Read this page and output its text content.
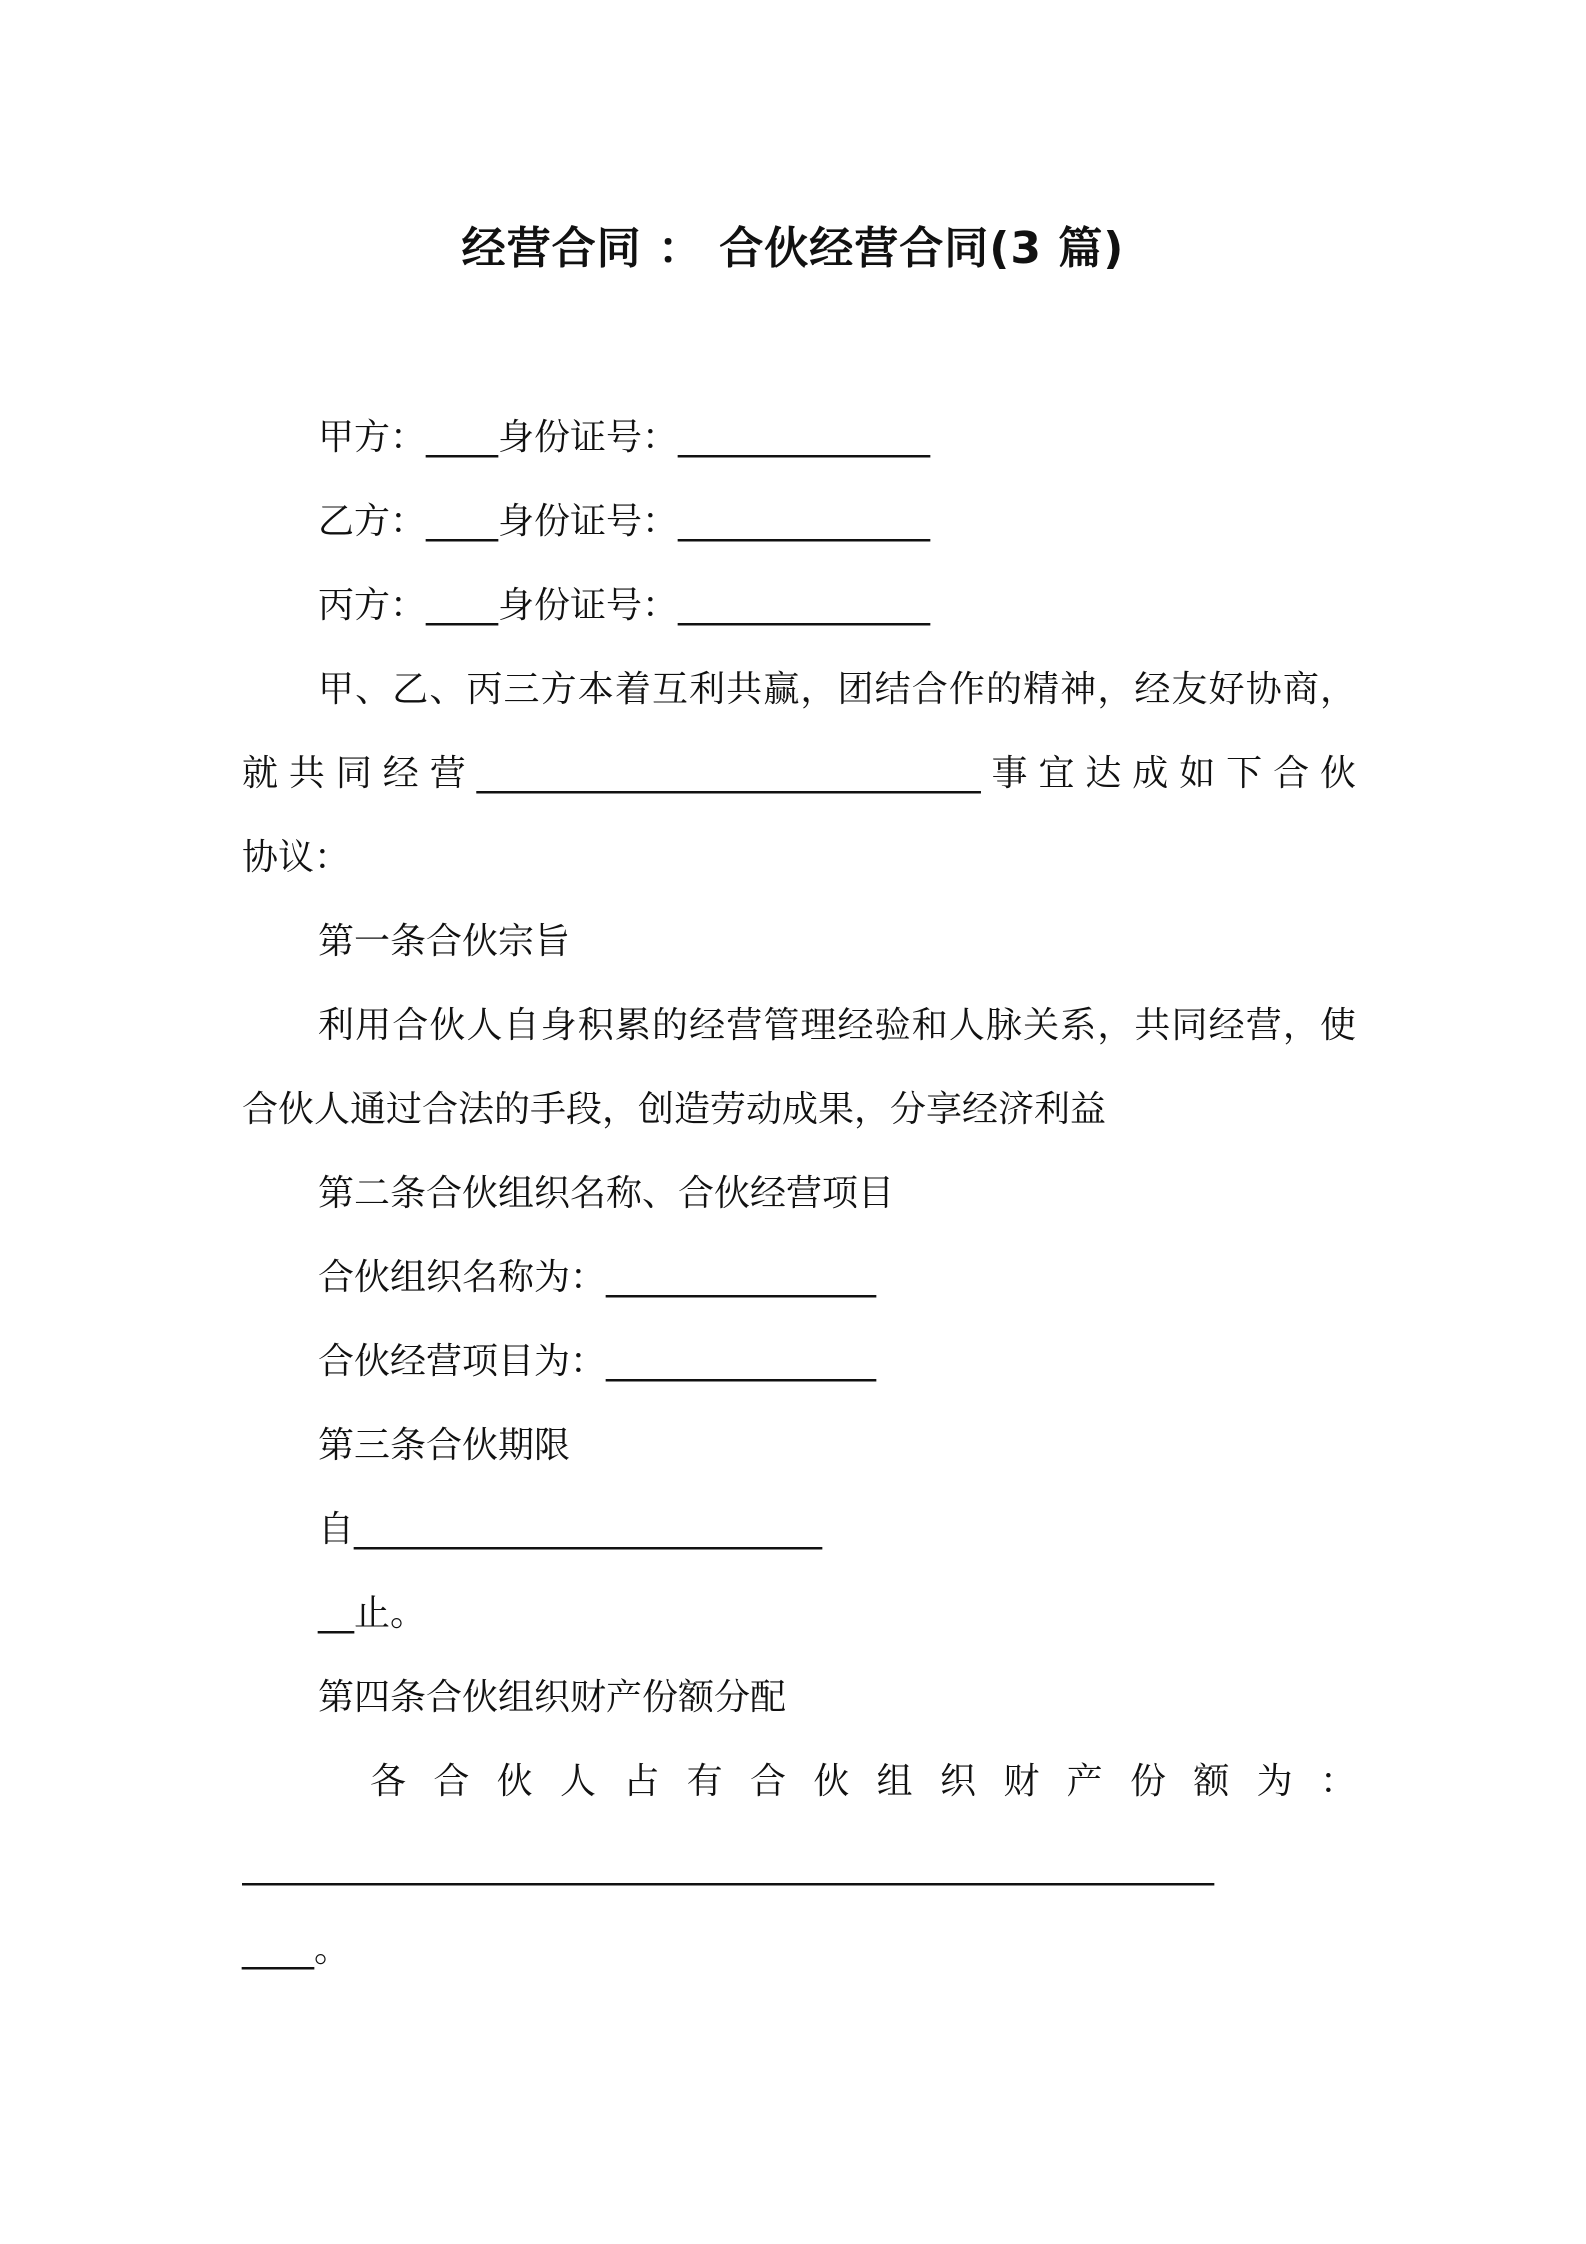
经营合同 ： 合伙经营合同(3 篇)
甲方：____身份证号：______________
乙方：____身份证号：______________
丙方：____身份证号：______________
甲、乙、丙三方本着互利共赢，团结合作的精神，经友好协商，
就共同经营____________________________事宜达成如下合伙
协议：
第一条合伙宗旨
利用合伙人自身积累的经营管理经验和人脉关系，共同经营，使
合伙人通过合法的手段，创造劳动成果，分享经济利益
第二条合伙组织名称、合伙经营项目
合伙组织名称为：_______________
合伙经营项目为：_______________
第三条合伙期限
自__________________________
__止。
第四条合伙组织财产份额分配
各合伙人占有合伙组织财产份额为：
______________________________________________________
____。
